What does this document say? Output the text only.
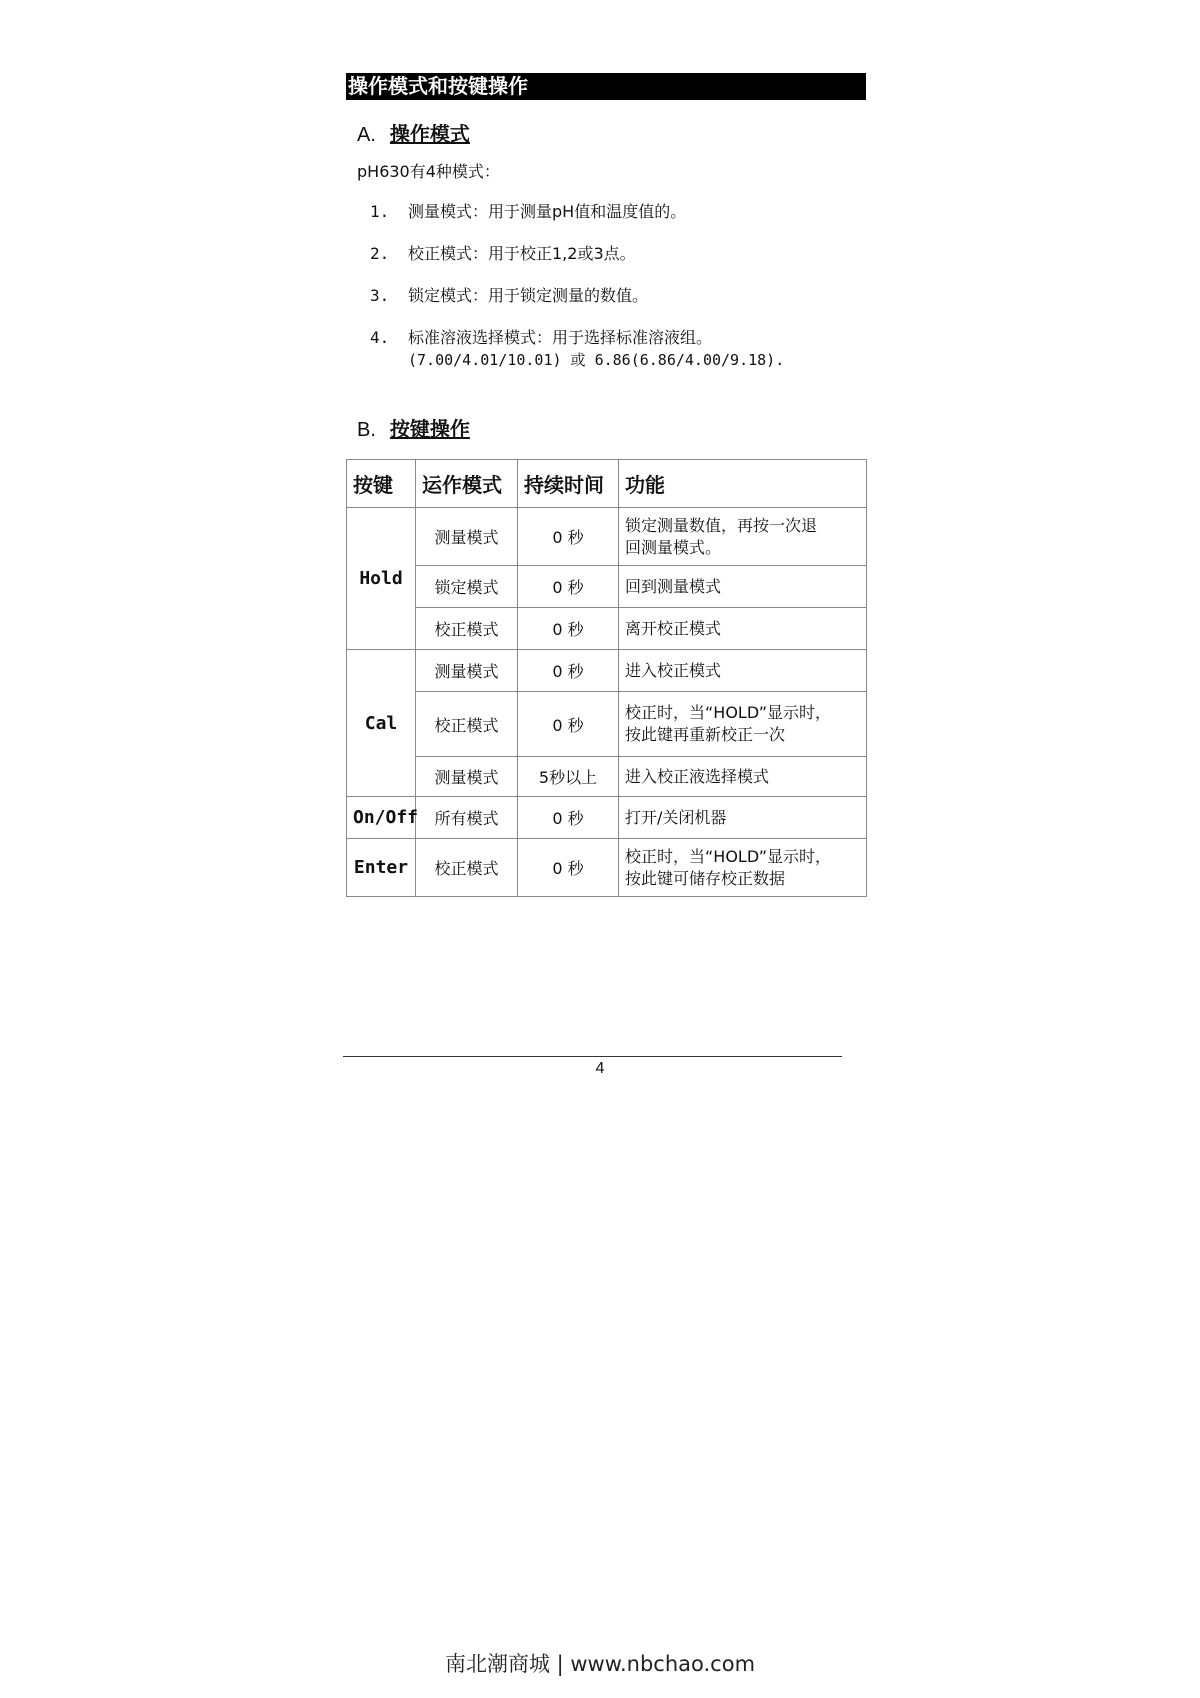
操作模式和按键操作
A. 操作模式
pH630有4种模式：
1. 测量模式：用于测量pH值和温度值的。
2. 校正模式：用于校正1,2或3点。
3. 锁定模式：用于锁定测量的数值。
4. 标准溶液选择模式：用于选择标准溶液组。
(7.00/4.01/10.01) 或 6.86(6.86/4.00/9.18).
B. 按键操作
按键	运作模式	持续时间	功能
Hold	测量模式	0 秒	锁定测量数值，再按一次退
回测量模式。

	锁定模式	0 秒	回到测量模式

	校正模式	0 秒	离开校正模式

Cal	测量模式	0 秒	进入校正模式

	校正模式	0 秒	校正时，当“HOLD”显示时，
按此键再重新校正一次

	测量模式	5秒以上	进入校正液选择模式

On/Off	所有模式	0 秒	打开/关闭机器

Enter	校正模式	0 秒	校正时，当“HOLD”显示时，
按此键可储存校正数据
4
南北潮商城 | www.nbchao.com
